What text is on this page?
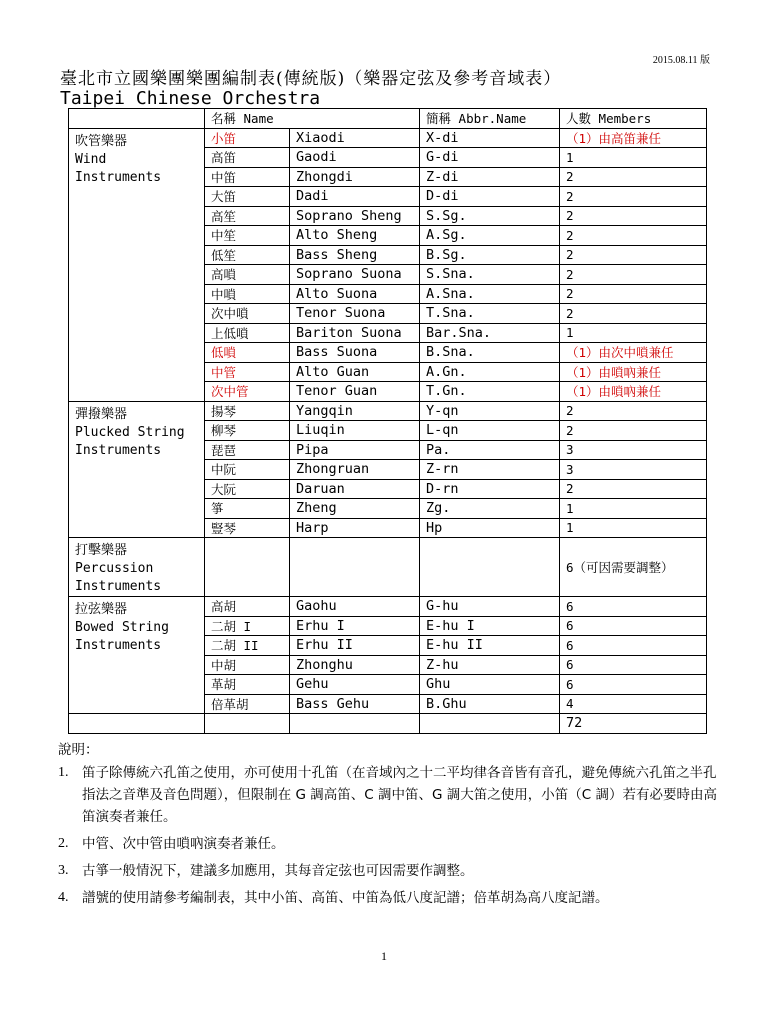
2015.08.11 版
臺北市立國樂團樂團編制表(傳統版)（樂器定弦及參考音域表）
Taipei Chinese Orchestra
	名稱 Name		簡稱 Abbr.Name	人數 Members
吹管樂器
Wind Instruments	小笛	Xiaodi	X-di	（1）由高笛兼任
	高笛	Gaodi	G-di	1
	中笛	Zhongdi	Z-di	2
	大笛	Dadi	D-di	2
	高笙	Soprano Sheng	S.Sg.	2
	中笙	Alto Sheng	A.Sg.	2
	低笙	Bass Sheng	B.Sg.	2
	高嗩	Soprano Suona	S.Sna.	2
	中嗩	Alto Suona	A.Sna.	2
	次中嗩	Tenor Suona	T.Sna.	2
	上低嗩	Bariton Suona	Bar.Sna.	1
	低嗩	Bass Suona	B.Sna.	（1）由次中嗩兼任
	中管	Alto Guan	A.Gn.	（1）由嗩吶兼任
	次中管	Tenor Guan	T.Gn.	（1）由嗩吶兼任
彈撥樂器
Plucked String
Instruments	揚琴	Yangqin	Y-qn	2
	柳琴	Liuqin	L-qn	2
	琵琶	Pipa	Pa.	3
	中阮	Zhongruan	Z-rn	3
	大阮	Daruan	D-rn	2
	箏	Zheng	Zg.	1
	豎琴	Harp	Hp	1
打擊樂器
Percussion
Instruments				6（可因需要調整）
拉弦樂器
Bowed String
Instruments	高胡	Gaohu	G-hu	6
	二胡 I	Erhu I	E-hu I	6
	二胡 II	Erhu II	E-hu II	6
	中胡	Zhonghu	Z-hu	6
	革胡	Gehu	Ghu	6
	倍革胡	Bass Gehu	B.Ghu	4
				72
說明：
1.	笛子除傳統六孔笛之使用，亦可使用十孔笛（在音域內之十二平均律各音皆有音孔，避免傳統六孔笛之半孔指法之音準及音色問題），但限制在 G 調高笛、C 調中笛、G 調大笛之使用，小笛（C 調）若有必要時由高笛演奏者兼任。
2.	中管、次中管由嗩吶演奏者兼任。
3.	古箏一般情況下，建議多加應用，其每音定弦也可因需要作調整。
4.	譜號的使用請參考編制表，其中小笛、高笛、中笛為低八度記譜；倍革胡為高八度記譜。
1
